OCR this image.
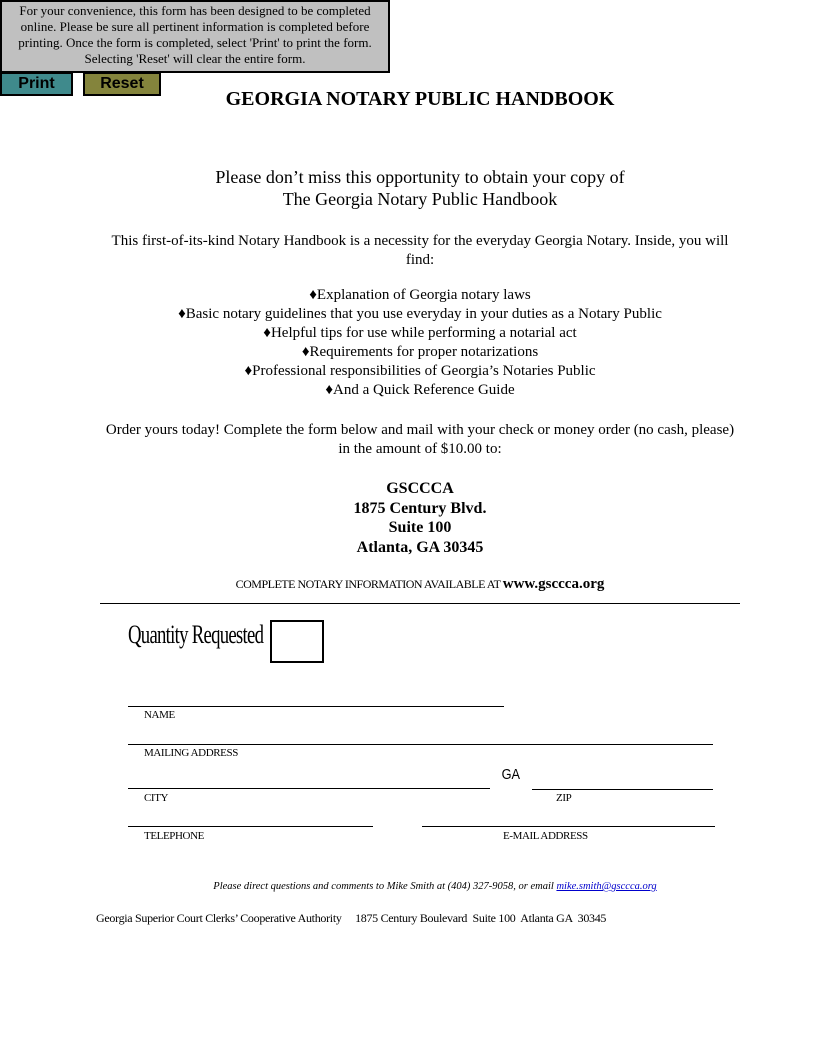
For your convenience, this form has been designed to be completed online. Please be sure all pertinent information is completed before printing. Once the form is completed, select 'Print' to print the form. Selecting 'Reset' will clear the entire form.
Print	Reset
GEORGIA NOTARY PUBLIC HANDBOOK
Please don’t miss this opportunity to obtain your copy of
The Georgia Notary Public Handbook
This first-of-its-kind Notary Handbook is a necessity for the everyday Georgia Notary. Inside, you will find:
♦Explanation of Georgia notary laws
♦Basic notary guidelines that you use everyday in your duties as a Notary Public
♦Helpful tips for use while performing a notarial act
♦Requirements for proper notarizations
♦Professional responsibilities of Georgia’s Notaries Public
♦And a Quick Reference Guide
Order yours today! Complete the form below and mail with your check or money order (no cash, please) in the amount of $10.00 to:
GSCCCA
1875 Century Blvd.
Suite 100
Atlanta, GA 30345
COMPLETE NOTARY INFORMATION AVAILABLE AT www.gsccca.org
Quantity Requested
NAME
MAILING ADDRESS
CITY
GA
ZIP
TELEPHONE	E-MAIL ADDRESS
Please direct questions and comments to Mike Smith at (404) 327-9058, or email mike.smith@gsccca.org
Georgia Superior Court Clerks’ Cooperative Authority     1875 Century Boulevard  Suite 100  Atlanta GA  30345
